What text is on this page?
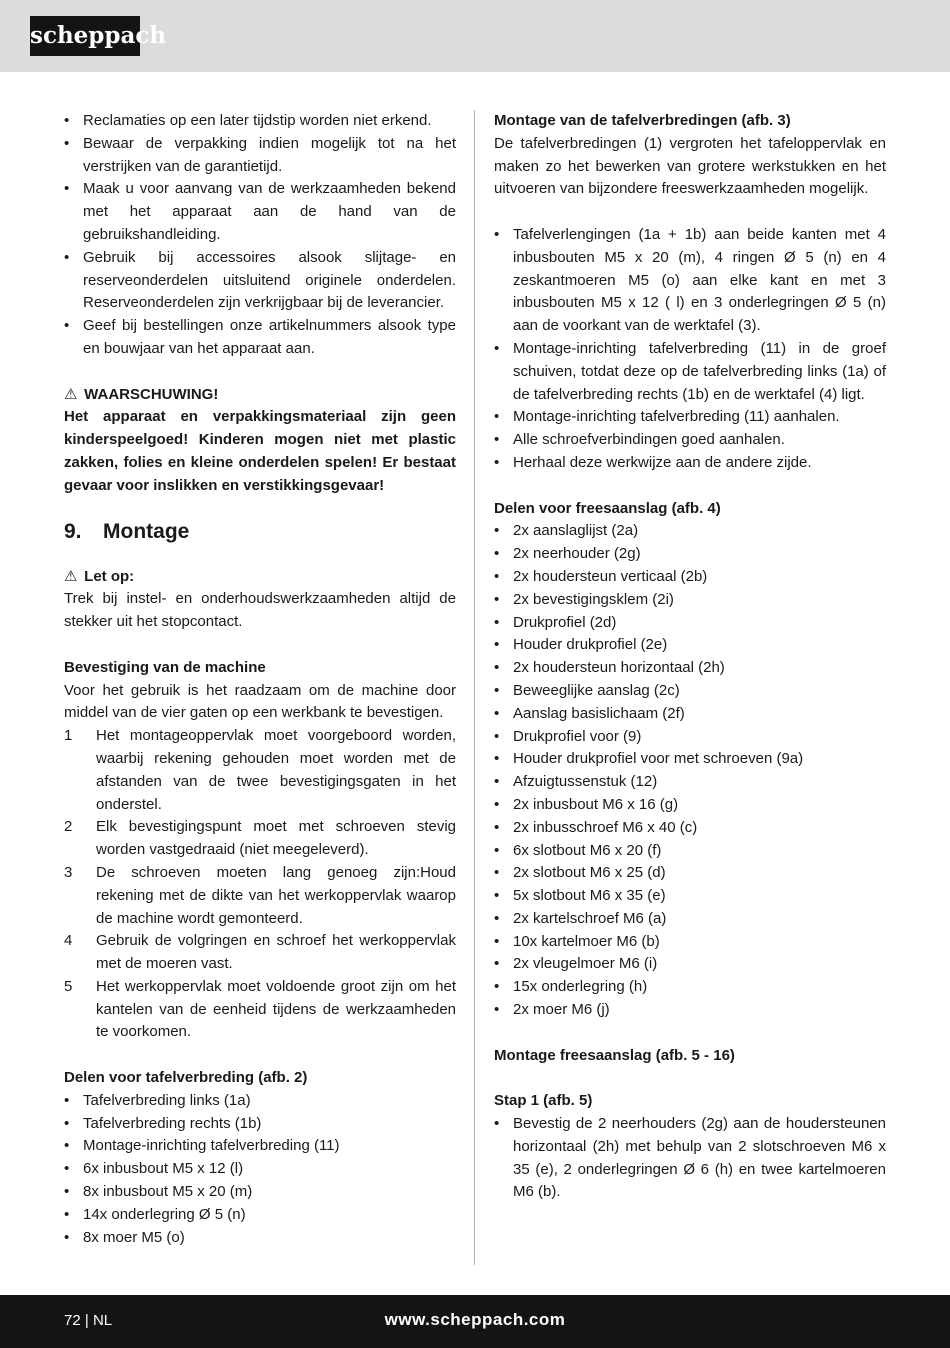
scheppach
• Reclamaties op een later tijdstip worden niet erkend.
• Bewaar de verpakking indien mogelijk tot na het verstrijken van de garantietijd.
• Maak u voor aanvang van de werkzaamheden bekend met het apparaat aan de hand van de gebruikshandleiding.
• Gebruik bij accessoires alsook slijtage- en reserveonderdelen uitsluitend originele onderdelen. Reserveonderdelen zijn verkrijgbaar bij de leverancier.
• Geef bij bestellingen onze artikelnummers alsook type en bouwjaar van het apparaat aan.

⚠ WAARSCHUWING!

Het apparaat en verpakkingsmateriaal zijn geen kinderspeelgoed! Kinderen mogen niet met plastic zakken, folies en kleine onderdelen spelen! Er bestaat gevaar voor inslikken en verstikkingsgevaar!

9. Montage

⚠ Let op:

Trek bij instel- en onderhoudswerkzaamheden altijd de stekker uit het stopcontact.

Bevestiging van de machine

Voor het gebruik is het raadzaam om de machine door middel van de vier gaten op een werkbank te bevestigen.

1 Het montageoppervlak moet voorgeboord worden, waarbij rekening gehouden moet worden met de afstanden van de twee bevestigingsgaten in het onderstel.
2 Elk bevestigingspunt moet met schroeven stevig worden vastgedraaid (niet meegeleverd).
3 De schroeven moeten lang genoeg zijn:Houd rekening met de dikte van het werkoppervlak waarop de machine wordt gemonteerd.
4 Gebruik de volgringen en schroef het werkoppervlak met de moeren vast.
5 Het werkoppervlak moet voldoende groot zijn om het kantelen van de eenheid tijdens de werkzaamheden te voorkomen.

Delen voor tafelverbreding (afb. 2)

• Tafelverbreding links (1a)
• Tafelverbreding rechts (1b)
• Montage-inrichting tafelverbreding (11)
• 6x inbusbout M5 x 12 (l)
• 8x inbusbout M5 x 20 (m)
• 14x onderlegring Ø 5 (n)
• 8x moer M5 (o)

Montage van de tafelverbredingen (afb. 3)

De tafelverbredingen (1) vergroten het tafeloppervlak en maken zo het bewerken van grotere werkstukken en het uitvoeren van bijzondere freeswerkzaamheden mogelijk.

• Tafelverlengingen (1a + 1b) aan beide kanten met 4 inbusbouten M5 x 20 (m), 4 ringen Ø 5 (n) en 4 zeskantmoeren M5 (o) aan elke kant en met 3 inbusbouten M5 x 12 ( l) en 3 onderlegringen Ø 5 (n) aan de voorkant van de werktafel (3).
• Montage-inrichting tafelverbreding (11) in de groef schuiven, totdat deze op de tafelverbreding links (1a) of de tafelverbreding rechts (1b) en de werktafel (4) ligt.
• Montage-inrichting tafelverbreding (11) aanhalen.
• Alle schroefverbindingen goed aanhalen.
• Herhaal deze werkwijze aan de andere zijde.

Delen voor freesaanslag (afb. 4)

• 2x aanslaglijst (2a)
• 2x neerhouder (2g)
• 2x houdersteun verticaal (2b)
• 2x bevestigingsklem (2i)
• Drukprofiel (2d)
• Houder drukprofiel (2e)
• 2x houdersteun horizontaal (2h)
• Beweeglijke aanslag (2c)
• Aanslag basislichaam (2f)
• Drukprofiel voor (9)
• Houder drukprofiel voor met schroeven (9a)
• Afzuigtussenstuk (12)
• 2x inbusbout M6 x 16 (g)
• 2x inbusschroef M6 x 40 (c)
• 6x slotbout M6 x 20 (f)
• 2x slotbout M6 x 25 (d)
• 5x slotbout M6 x 35 (e)
• 2x kartelschroef M6 (a)
• 10x kartelmoer M6 (b)
• 2x vleugelmoer M6 (i)
• 15x onderlegring (h)
• 2x moer M6 (j)

Montage freesaanslag (afb. 5 - 16)

Stap 1 (afb. 5)

• Bevestig de 2 neerhouders (2g) aan de houdersteunen horizontaal (2h) met behulp van 2 slotschroeven M6 x 35 (e), 2 onderlegringen Ø 6 (h) en twee kartelmoeren M6 (b).
72 | NL	www.scheppach.com
